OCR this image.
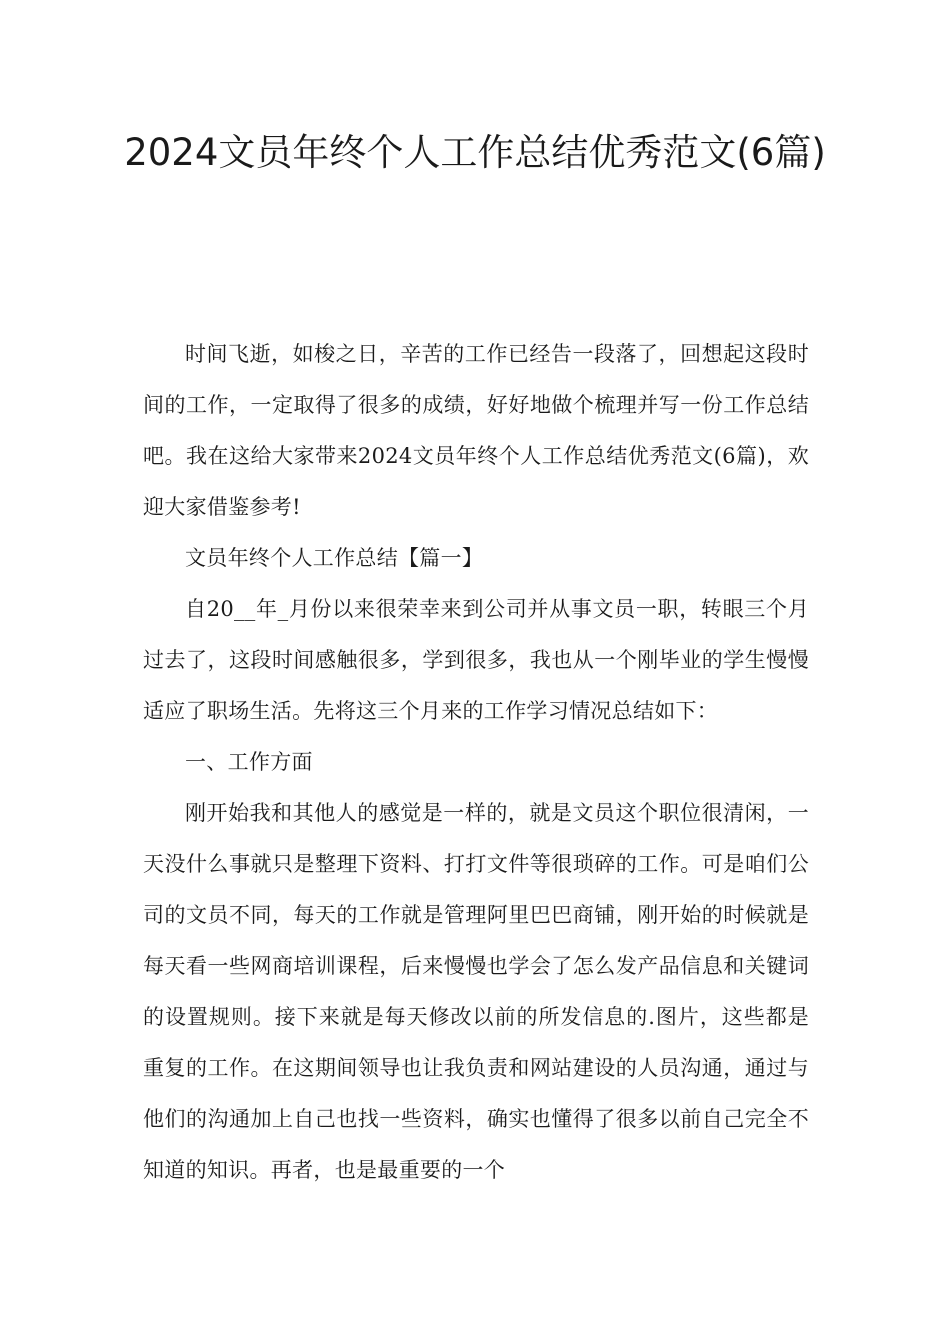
2024文员年终个人工作总结优秀范文(6篇)

时间飞逝，如梭之日，辛苦的工作已经告一段落了，回想起这段时间的工作，一定取得了很多的成绩，好好地做个梳理并写一份工作总结吧。我在这给大家带来2024文员年终个人工作总结优秀范文(6篇)，欢迎大家借鉴参考!

文员年终个人工作总结【篇一】

自20__年_月份以来很荣幸来到公司并从事文员一职，转眼三个月过去了，这段时间感触很多，学到很多，我也从一个刚毕业的学生慢慢适应了职场生活。先将这三个月来的工作学习情况总结如下：

一、工作方面

刚开始我和其他人的感觉是一样的，就是文员这个职位很清闲，一天没什么事就只是整理下资料、打打文件等很琐碎的工作。可是咱们公司的文员不同，每天的工作就是管理阿里巴巴商铺，刚开始的时候就是每天看一些网商培训课程，后来慢慢也学会了怎么发产品信息和关键词的设置规则。接下来就是每天修改以前的所发信息的.图片，这些都是重复的工作。在这期间领导也让我负责和网站建设的人员沟通，通过与他们的沟通加上自己也找一些资料，确实也懂得了很多以前自己完全不知道的知识。再者，也是最重要的一个
